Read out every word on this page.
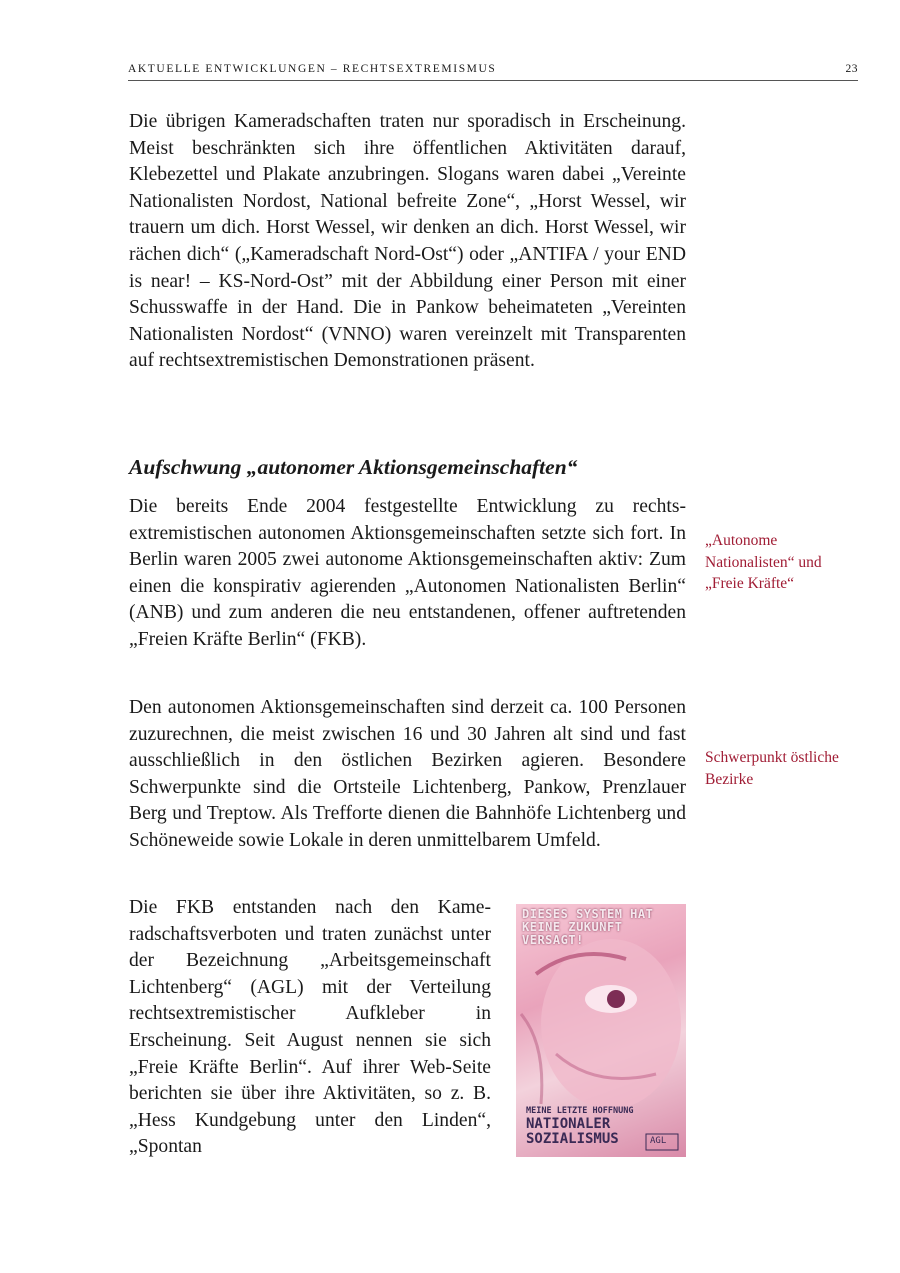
AKTUELLE ENTWICKLUNGEN – RECHTSEXTREMISMUS	23

Die übrigen Kameradschaften traten nur sporadisch in Erscheinung. Meist beschränkten sich ihre öffentlichen Aktivitäten darauf, Klebezettel und Plakate anzubringen. Slogans waren dabei „Vereinte Nationalisten Nordost, National befreite Zone“, „Horst Wessel, wir trauern um dich. Horst Wessel, wir denken an dich. Horst Wessel, wir rächen dich“ („Kameradschaft Nord-Ost“) oder „ANTIFA / your END is near! – KS-Nord-Ost” mit der Abbildung einer Person mit einer Schusswaffe in der Hand. Die in Pankow beheimateten „Vereinten Nationalisten Nordost“ (VNNO) waren vereinzelt mit Transparenten auf rechtsextremistischen Demonstrationen präsent.

Aufschwung „autonomer Aktionsgemeinschaften“

Die bereits Ende 2004 festgestellte Entwicklung zu rechtsextremistischen autonomen Aktionsgemeinschaften setzte sich fort. In Berlin waren 2005 zwei autonome Aktionsgemeinschaften aktiv: Zum einen die konspirativ agierenden „Autonomen Nationalisten Berlin“ (ANB) und zum anderen die neu entstandenen, offener auftretenden „Freien Kräfte Berlin“ (FKB).

Den autonomen Aktionsgemeinschaften sind derzeit ca. 100 Personen zuzurechnen, die meist zwischen 16 und 30 Jahren alt sind und fast ausschließlich in den östlichen Bezirken agieren. Besondere Schwerpunkte sind die Ortsteile Lichtenberg, Pankow, Prenzlauer Berg und Treptow. Als Trefforte dienen die Bahnhöfe Lichtenberg und Schöneweide sowie Lokale in deren unmittelbarem Umfeld.

Die FKB entstanden nach den Kameradschaftsverboten und traten zunächst unter der Bezeichnung „Arbeitsgemeinschaft Lichtenberg“ (AGL) mit der Verteilung rechtsextremistischer Aufkleber in Erscheinung. Seit August nennen sie sich „Freie Kräfte Berlin“. Auf ihrer Web-Seite berichten sie über ihre Aktivitäten, so z. B. „Hess Kundgebung unter den Linden“, „Spontan

„Autonome Nationalisten“ und „Freie Kräfte“

Schwerpunkt östliche Bezirke

DIESES SYSTEM HAT KEINE ZUKUNFT VERSAGT!
MEINE LETZTE HOFFNUNG
NATIONALER SOZIALISMUS	AGL
